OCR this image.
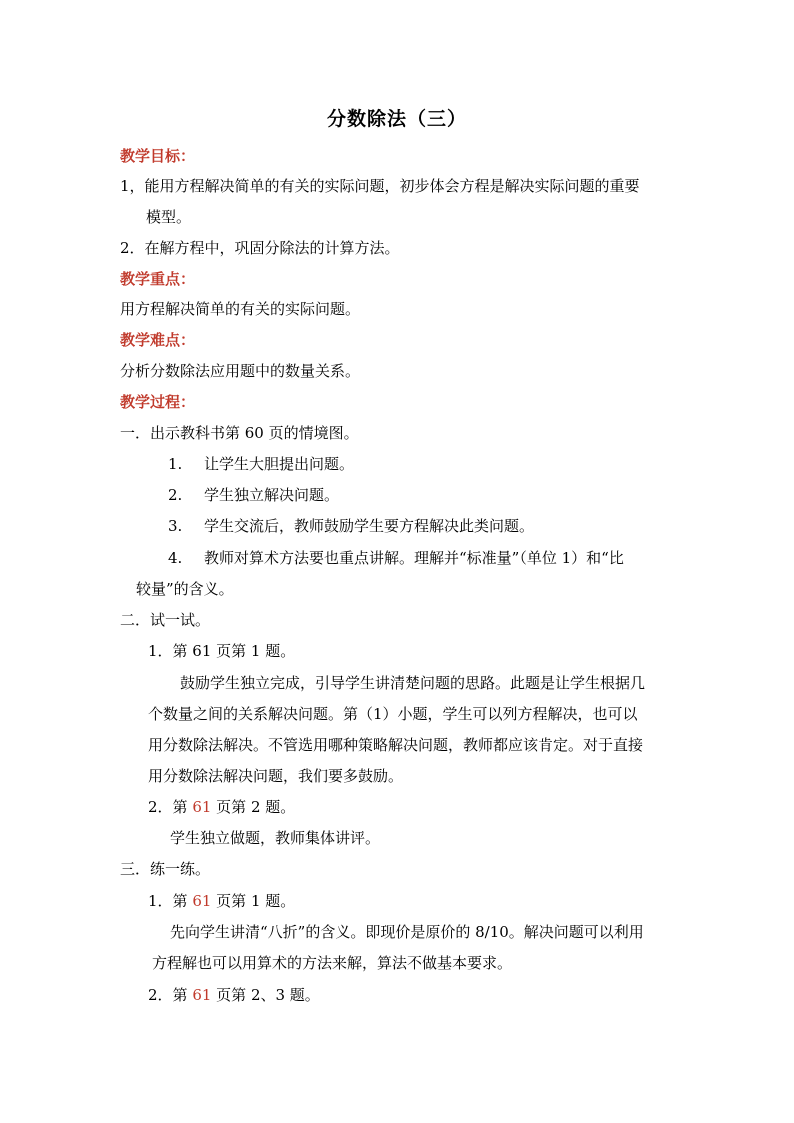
分数除法（三）
教学目标：
1，能用方程解决简单的有关的实际问题，初步体会方程是解决实际问题的重要
模型。
2．在解方程中，巩固分除法的计算方法。
教学重点：
用方程解决简单的有关的实际问题。
教学难点：
分析分数除法应用题中的数量关系。
教学过程：
一．出示教科书第 60 页的情境图。
1. 让学生大胆提出问题。
2. 学生独立解决问题。
3. 学生交流后，教师鼓励学生要方程解决此类问题。
4. 教师对算术方法要也重点讲解。理解并“标准量”（单位 1）和“比
较量”的含义。
二．试一试。
1．第 61 页第 1 题。
鼓励学生独立完成，引导学生讲清楚问题的思路。此题是让学生根据几
个数量之间的关系解决问题。第（1）小题，学生可以列方程解决，也可以
用分数除法解决。不管选用哪种策略解决问题，教师都应该肯定。对于直接
用分数除法解决问题，我们要多鼓励。
2．第 61 页第 2 题。
学生独立做题，教师集体讲评。
三．练一练。
1．第 61 页第 1 题。
先向学生讲清“八折”的含义。即现价是原价的 8/10。解决问题可以利用
方程解也可以用算术的方法来解，算法不做基本要求。
2．第 61 页第 2、3 题。
